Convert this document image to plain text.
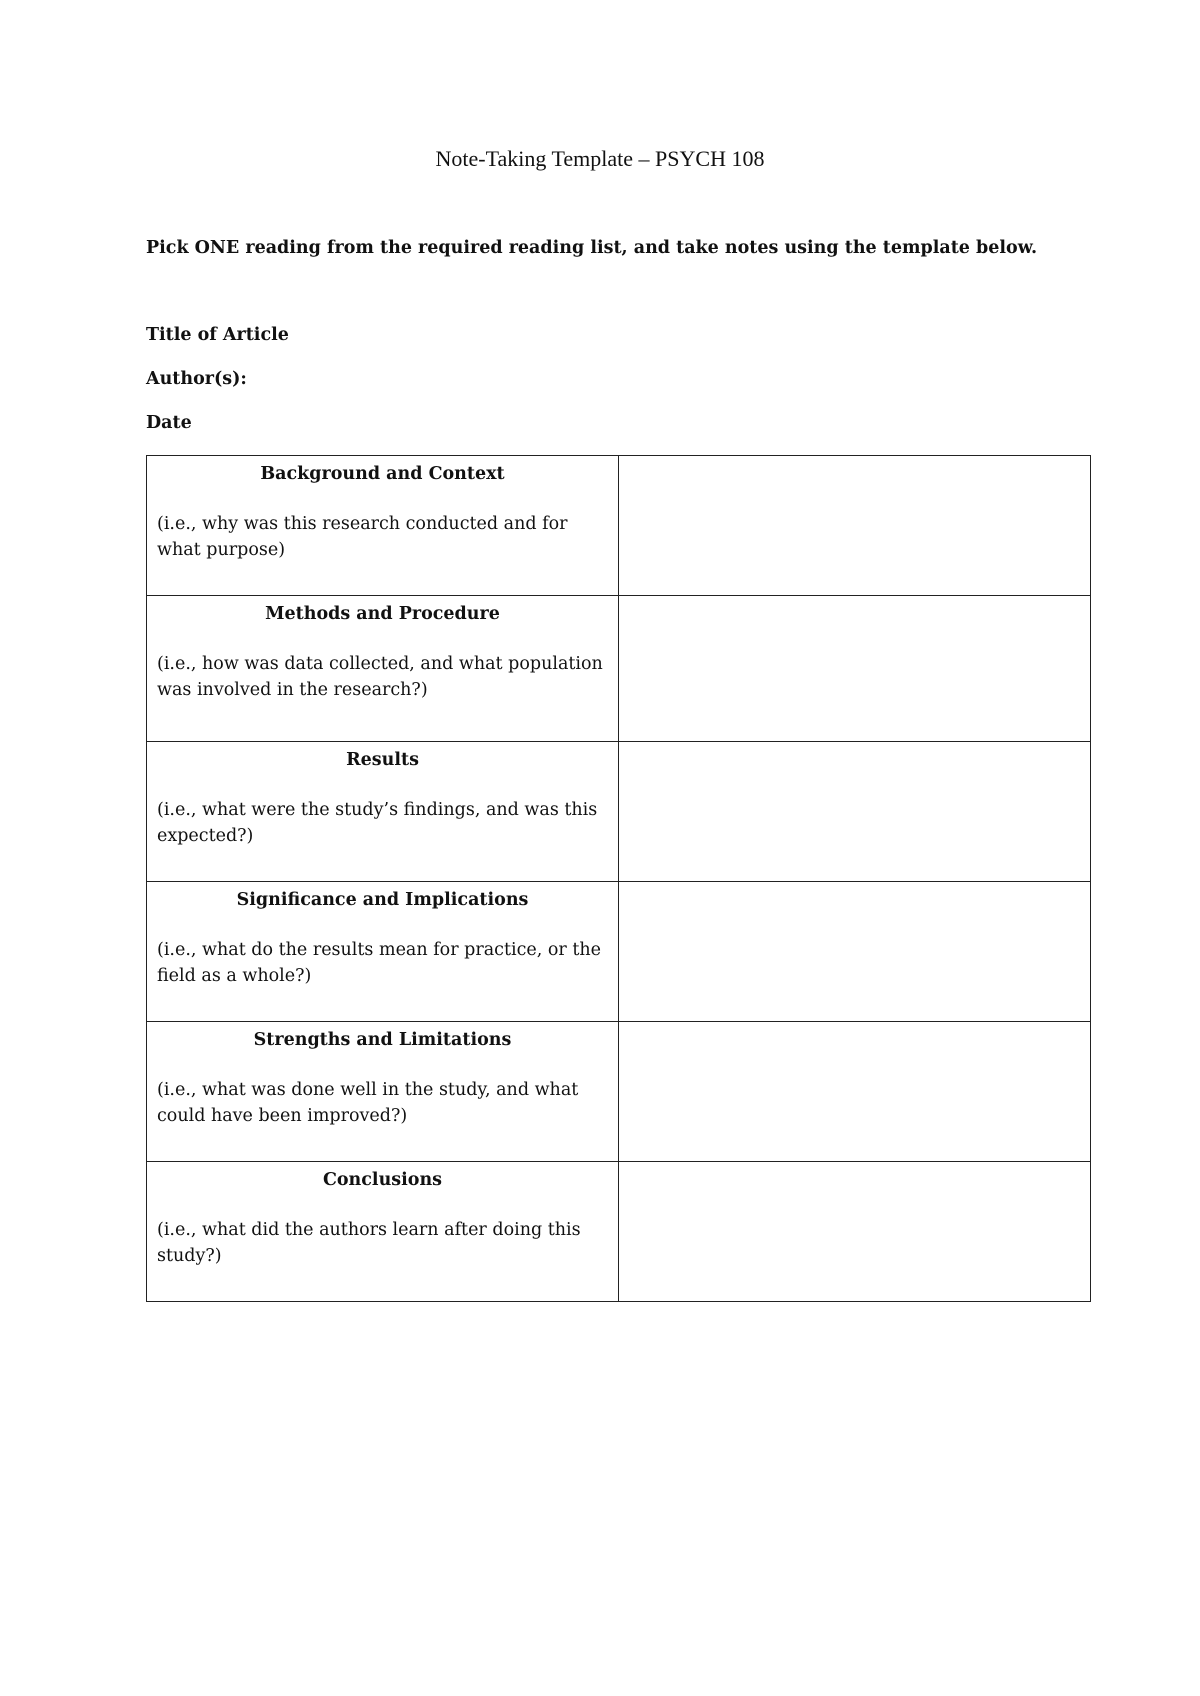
Note-Taking Template – PSYCH 108
Pick ONE reading from the required reading list, and take notes using the template below.
Title of Article
Author(s):
Date
Background and Context
(i.e., why was this research conducted and for what purpose)	

Methods and Procedure
(i.e., how was data collected, and what population was involved in the research?)	

Results
(i.e., what were the study’s findings, and was this expected?)	

Significance and Implications
(i.e., what do the results mean for practice, or the field as a whole?)	

Strengths and Limitations
(i.e., what was done well in the study, and what could have been improved?)	

Conclusions
(i.e., what did the authors learn after doing this study?)	
